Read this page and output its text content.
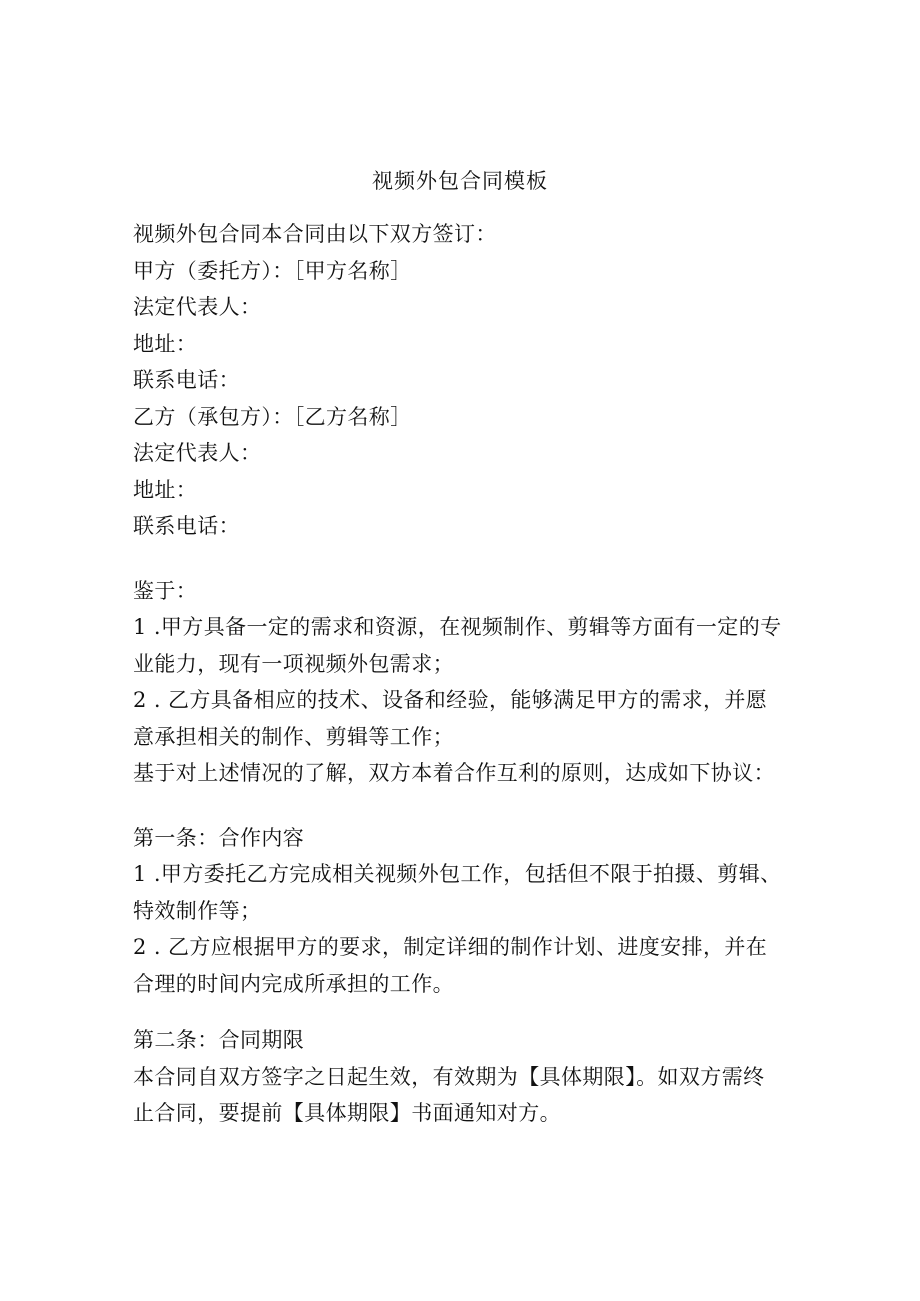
视频外包合同模板
视频外包合同本合同由以下双方签订：
甲方（委托方）：［甲方名称］
法定代表人：
地址：
联系电话：
乙方（承包方）：［乙方名称］
法定代表人：
地址：
联系电话：
鉴于：
1 .甲方具备一定的需求和资源，在视频制作、剪辑等方面有一定的专
业能力，现有一项视频外包需求；
2 . 乙方具备相应的技术、设备和经验，能够满足甲方的需求，并愿
意承担相关的制作、剪辑等工作；
基于对上述情况的了解，双方本着合作互利的原则，达成如下协议：
第一条：合作内容
1 .甲方委托乙方完成相关视频外包工作，包括但不限于拍摄、剪辑、
特效制作等；
2 . 乙方应根据甲方的要求，制定详细的制作计划、进度安排，并在
合理的时间内完成所承担的工作。
第二条：合同期限
本合同自双方签字之日起生效，有效期为【具体期限】。如双方需终
止合同，要提前【具体期限】书面通知对方。
